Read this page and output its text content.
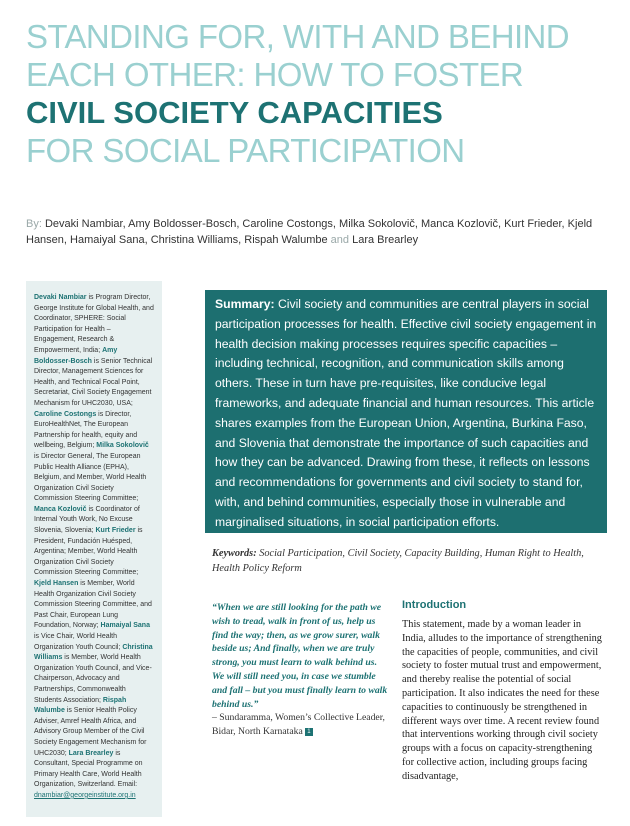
STANDING FOR, WITH AND BEHIND
EACH OTHER: HOW TO FOSTER
CIVIL SOCIETY CAPACITIES
FOR SOCIAL PARTICIPATION
By: Devaki Nambiar, Amy Boldosser-Bosch, Caroline Costongs, Milka Sokolovič, Manca Kozlovič, Kurt Frieder, Kjeld Hansen, Hamaiyal Sana, Christina Williams, Rispah Walumbe and Lara Brearley
Devaki Nambiar is Program Director, George Institute for Global Health, and Coordinator, SPHERE: Social Participation for Health – Engagement, Research & Empowerment, India; Amy Boldosser-Bosch is Senior Technical Director, Management Sciences for Health, and Technical Focal Point, Secretariat, Civil Society Engagement Mechanism for UHC2030, USA; Caroline Costongs is Director, EuroHealthNet, The European Partnership for health, equity and wellbeing, Belgium; Milka Sokolovič is Director General, The European Public Health Alliance (EPHA), Belgium, and Member, World Health Organization Civil Society Commission Steering Committee; Manca Kozlovič is Coordinator of Internal Youth Work, No Excuse Slovenia, Slovenia; Kurt Frieder is President, Fundación Huésped, Argentina; Member, World Health Organization Civil Society Commission Steering Committee; Kjeld Hansen is Member, World Health Organization Civil Society Commission Steering Committee, and Past Chair, European Lung Foundation, Norway; Hamaiyal Sana is Vice Chair, World Health Organization Youth Council; Christina Williams is Member, World Health Organization Youth Council, and Vice-Chairperson, Advocacy and Partnerships, Commonwealth Students Association; Rispah Walumbe is Senior Health Policy Adviser, Amref Health Africa, and Advisory Group Member of the Civil Society Engagement Mechanism for UHC2030; Lara Brearley is Consultant, Special Programme on Primary Health Care, World Health Organization, Switzerland. Email: dnambiar@georgeinstitute.org.in
Summary: Civil society and communities are central players in social participation processes for health. Effective civil society engagement in health decision making processes requires specific capacities – including technical, recognition, and communication skills among others. These in turn have pre-requisites, like conducive legal frameworks, and adequate financial and human resources. This article shares examples from the European Union, Argentina, Burkina Faso, and Slovenia that demonstrate the importance of such capacities and how they can be advanced. Drawing from these, it reflects on lessons and recommendations for governments and civil society to stand for, with, and behind communities, especially those in vulnerable and marginalised situations, in social participation efforts.
Keywords: Social Participation, Civil Society, Capacity Building, Human Right to Health, Health Policy Reform
“When we are still looking for the path we wish to tread, walk in front of us, help us find the way; then, as we grow surer, walk beside us; And finally, when we are truly strong, you must learn to walk behind us. We will still need you, in case we stumble and fall – but you must finally learn to walk behind us.”
– Sundaramma, Women’s Collective Leader, Bidar, North Karnataka 1
Introduction
This statement, made by a woman leader in India, alludes to the importance of strengthening the capacities of people, communities, and civil society to foster mutual trust and empowerment, and thereby realise the potential of social participation. It also indicates the need for these capacities to continuously be strengthened in different ways over time. A recent review found that interventions working through civil society groups with a focus on capacity-strengthening for collective action, including groups facing disadvantage,
